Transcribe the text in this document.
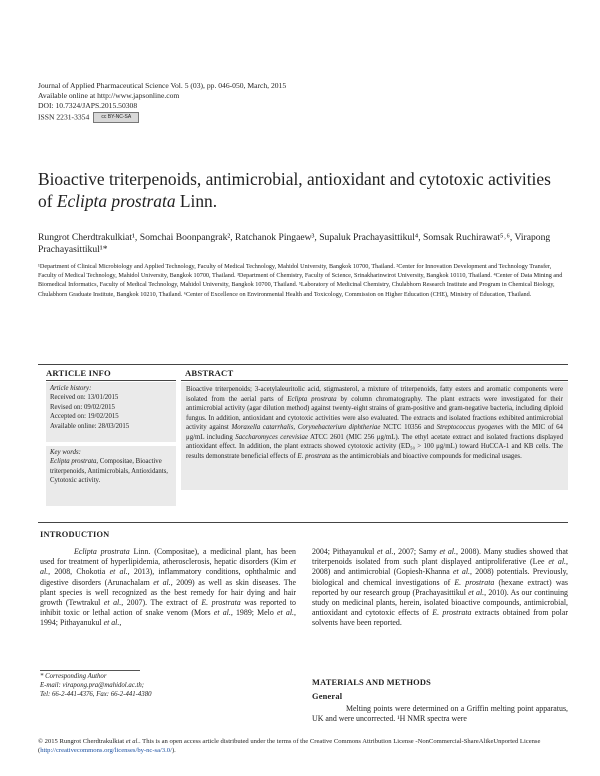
Journal of Applied Pharmaceutical Science Vol. 5 (03), pp. 046-050, March, 2015
Available online at http://www.japsonline.com
DOI: 10.7324/JAPS.2015.50308
ISSN 2231-3354 cc BY-NC-SA
Bioactive triterpenoids, antimicrobial, antioxidant and cytotoxic activities of Eclipta prostrata Linn.
Rungrot Cherdtrakulkiat¹, Somchai Boonpangrak², Ratchanok Pingaew³, Supaluk Prachayasittikul⁴, Somsak Ruchirawat⁵˒⁶, Virapong Prachayasittikul¹*
¹Department of Clinical Microbiology and Applied Technology, Faculty of Medical Technology, Mahidol University, Bangkok 10700, Thailand. ²Center for Innovation Development and Technology Transfer, Faculty of Medical Technology, Mahidol University, Bangkok 10700, Thailand. ³Department of Chemistry, Faculty of Science, Srinakharinwirot University, Bangkok 10110, Thailand. ⁴Center of Data Mining and Biomedical Informatics, Faculty of Medical Technology, Mahidol University, Bangkok 10700, Thailand. ⁵Laboratory of Medicinal Chemistry, Chulabhorn Research Institute and Program in Chemical Biology, Chulabhorn Graduate Institute, Bangkok 10210, Thailand. ⁶Center of Excellence on Environmental Health and Toxicology, Commission on Higher Education (CHE), Ministry of Education, Thailand.
ARTICLE INFO	ABSTRACT
Article history:
Received on: 13/01/2015
Revised on: 09/02/2015
Accepted on: 19/02/2015
Available online: 28/03/2015
Key words:
Eclipta prostrata, Compositae, Bioactive triterpenoids, Antimicrobials, Antioxidants, Cytotoxic activity.
Bioactive triterpenoids; 3-acetylaleuritolic acid, stigmasterol, a mixture of triterpenoids, fatty esters and aromatic components were isolated from the aerial parts of Eclipta prostrata by column chromatography. The plant extracts were investigated for their antimicrobial activity (agar dilution method) against twenty-eight strains of gram-positive and gram-negative bacteria, including diploid fungus. In addition, antioxidant and cytotoxic activities were also evaluated. The extracts and isolated fractions exhibited antimicrobial activity against Moraxella catarrhalis, Corynebacterium diphtheriae NCTC 10356 and Streptococcus pyogenes with the MIC of 64 μg/mL including Saccharomyces cerevisiae ATCC 2601 (MIC 256 μg/mL). The ethyl acetate extract and isolated fractions displayed antioxidant effect. In addition, the plant extracts showed cytotoxic activity (ED₅₀ > 100 μg/mL) toward HuCCA-1 and KB cells. The results demonstrate beneficial effects of E. prostrata as the antimicrobials and bioactive compounds for medicinal usages.
INTRODUCTION
Eclipta prostrata Linn. (Compositae), a medicinal plant, has been used for treatment of hyperlipidemia, atherosclerosis, hepatic disorders (Kim et al., 2008, Chokotia et al., 2013), inflammatory conditions, ophthalmic and digestive disorders (Arunachalam et al., 2009) as well as skin diseases. The plant species is well recognized as the best remedy for hair dying and hair growth (Tewtrakul et al., 2007). The extract of E. prostrata was reported to inhibit toxic or lethal action of snake venom (Mors et al., 1989; Melo et al., 1994; Pithayanukul et al.,
* Corresponding Author
E-mail: virapong.pra@mahidol.ac.th;
Tel: 66-2-441-4376, Fax: 66-2-441-4380
2004; Pithayanukul et al., 2007; Samy et al., 2008). Many studies showed that triterpenoids isolated from such plant displayed antiproliferative (Lee et al., 2008) and antimicrobial (Gopiesh-Khanna et al., 2008) potentials. Previously, biological and chemical investigations of E. prostrata (hexane extract) was reported by our research group (Prachayasittikul et al., 2010). As our continuing study on medicinal plants, herein, isolated bioactive compounds, antimicrobial, antioxidant and cytotoxic effects of E. prostrata extracts obtained from polar solvents have been reported.
MATERIALS AND METHODS
General
Melting points were determined on a Griffin melting point apparatus, UK and were uncorrected. ¹H NMR spectra were
© 2015 Rungrot Cherdtrakulkiat et al.. This is an open access article distributed under the terms of the Creative Commons Attribution License -NonCommercial-ShareAlikeUnported License (http://creativecommons.org/licenses/by-nc-sa/3.0/).
